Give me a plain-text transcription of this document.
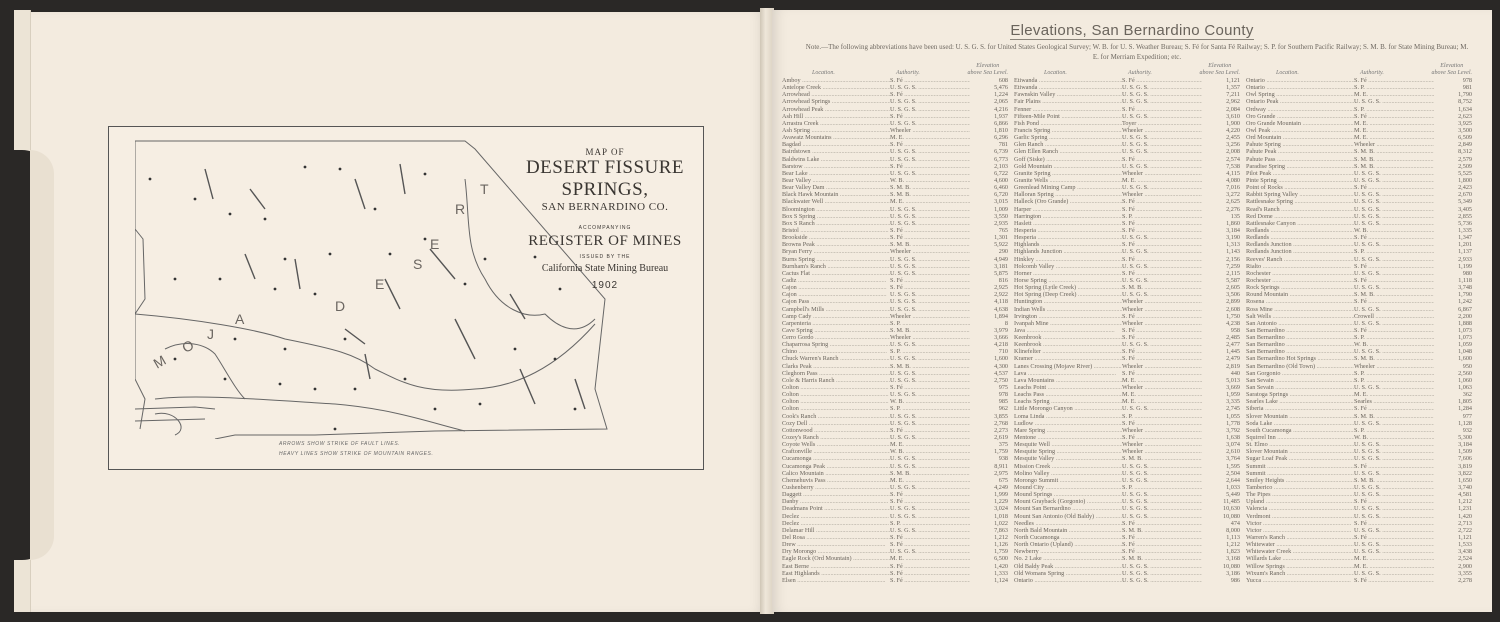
M
O
J
A
D
E
S
E
R
T
MAP OF
DESERT FISSURE SPRINGS,
SAN BERNARDINO CO.
ACCOMPANYING
REGISTER OF MINES
ISSUED BY THE
California State Mining Bureau
1902
ARROWS SHOW STRIKE OF FAULT LINES.
HEAVY LINES SHOW STRIKE OF MOUNTAIN RANGES.
Elevations, San Bernardino County
Note.—The following abbreviations have been used: U. S. G. S. for United States Geological Survey; W. B. for U. S. Weather Bureau; S. Fé for Santa Fé Railway; S. P. for Southern Pacific Railway; S. M. B. for State Mining Bureau; M. E. for Merriam Expedition; etc.
Location.	Authority.
Elevation
above Sea Level.
Amboy .....	S. Fé .....	608
Antelope Creek .....	U. S. G. S. .....	5,476
Arrowhead .....	S. Fé .....	1,224
Arrowhead Springs .....	U. S. G. S. .....	2,065
Arrowhead Peak .....	U. S. G. S. .....	4,216
Ash Hill .....	S. Fé .....	1,937
Arrastra Creek .....	U. S. G. S. .....	6,866
Ash Spring .....	Wheeler .....	1,810
Avawatz Mountains .....	M. E. .....	6,296
Bagdad .....	S. Fé .....	781
Bairdstown .....	U. S. G. S. .....	6,739
Baldwins Lake .....	U. S. G. S. .....	6,773
Barstow .....	S. Fé .....	2,103
Bear Lake .....	U. S. G. S. .....	6,722
Bear Valley .....	W. B. .....	4,600
Bear Valley Dam .....	S. M. B. .....	6,460
Black Hawk Mountain .....	S. M. B. .....	6,720
Blackwater Well .....	M. E. .....	3,015
Bloomington .....	U. S. G. S. .....	1,009
Box S Spring .....	U. S. G. S. .....	3,550
Box S Ranch .....	U. S. G. S. .....	2,935
Bristol .....	S. Fé .....	765
Brookside .....	S. Fé .....	1,301
Browns Peak .....	S. M. B. .....	5,922
Bryan Ferry .....	Wheeler .....	290
Burns Spring .....	U. S. G. S. .....	4,949
Burnham's Ranch .....	U. S. G. S. .....	3,181
Cactus Flat .....	U. S. G. S. .....	5,875
Cadiz .....	S. Fé .....	816
Cajon .....	S. Fé .....	2,925
Cajon .....	U. S. G. S. .....	2,922
Cajon Pass .....	U. S. G. S. .....	4,118
Campbell's Mills .....	U. S. G. S. .....	4,638
Camp Cady .....	Wheeler .....	1,894
Carpenteria .....	S. P. .....	8
Cave Spring .....	S. M. B. .....	3,979
Cerro Gordo .....	Wheeler .....	3,666
Chaparrosa Spring .....	U. S. G. S. .....	4,218
Chino .....	S. P. .....	710
Chuck Warren's Ranch .....	U. S. G. S. .....	1,600
Clarks Peak .....	S. M. B. .....	4,300
Cleghorn Pass .....	U. S. G. S. .....	4,537
Cole & Harris Ranch .....	U. S. G. S. .....	2,750
Colton .....	S. Fé .....	975
Colton .....	U. S. G. S. .....	978
Colton .....	W. B. .....	985
Colton .....	S. P. .....	962
Cook's Ranch .....	U. S. G. S. .....	3,855
Cozy Dell .....	U. S. G. S. .....	2,768
Cottonwood .....	S. Fé .....	2,273
Cozey's Ranch .....	U. S. G. S. .....	2,619
Coyote Wells .....	M. E. .....	375
Craftonville .....	W. B. .....	1,759
Cucamonga .....	U. S. G. S. .....	938
Cucamonga Peak .....	U. S. G. S. .....	8,911
Calico Mountain .....	S. M. B. .....	2,975
Chemehuvis Pass .....	M. E. .....	675
Cushenberry .....	U. S. G. S. .....	4,249
Daggett .....	S. Fé .....	1,999
Danby .....	S. Fé .....	1,229
Deadmans Point .....	U. S. G. S. .....	3,024
Declez .....	U. S. G. S. .....	1,018
Declez .....	S. P. .....	1,022
Delamar Hill .....	U. S. G. S. .....	7,863
Del Rosa .....	S. Fé .....	1,212
Drew .....	S. Fé .....	1,126
Dry Morongo .....	U. S. G. S. .....	1,759
Eagle Rock (Ord Mountain) .....	M. E. .....	6,500
East Berne .....	S. Fé .....	1,420
East Highlands .....	S. Fé .....	1,333
Elsen .....	S. Fé .....	1,124
Location.	Authority.
Elevation
above Sea Level.
Etiwanda .....	S. Fé .....	1,121
Etiwanda .....	U. S. G. S. .....	1,357
Fawnskin Valley .....	U. S. G. S. .....	7,211
Fair Plains .....	U. S. G. S. .....	2,962
Fenner .....	S. Fé .....	2,084
Fifteen-Mile Point .....	U. S. G. S. .....	3,610
Fish Pond .....	Toyer .....	1,900
Francis Spring .....	Wheeler .....	4,220
Garlic Spring .....	U. S. G. S. .....	2,455
Glen Ranch .....	U. S. G. S. .....	3,256
Glen Ellen Ranch .....	U. S. G. S. .....	2,008
Goff (Siske) .....	S. Fé .....	2,574
Gold Mountain .....	U. S. G. S. .....	7,538
Granite Spring .....	Wheeler .....	4,115
Granite Wells .....	M. E. .....	4,080
Greenlead Mining Camp .....	U. S. G. S. .....	7,016
Halloran Spring .....	Wheeler .....	3,272
Halleck (Oro Grande) .....	S. Fé .....	2,625
Harper .....	S. Fé .....	2,276
Harrington .....	S. P. .....	135
Haslett .....	S. Fé .....	1,860
Hesperia .....	S. Fé .....	3,184
Hesperia .....	U. S. G. S. .....	3,190
Highlands .....	S. Fé .....	1,313
Highlands Junction .....	U. S. G. S. .....	1,143
Hinkley .....	S. Fé .....	2,156
Holcomb Valley .....	U. S. G. S. .....	7,259
Horner .....	S. Fé .....	2,115
Horse Spring .....	U. S. G. S. .....	5,587
Hot Spring (Lytle Creek) .....	S. M. B. .....	2,605
Hot Spring (Deep Creek) .....	U. S. G. S. .....	3,506
Huntington .....	Wheeler .....	2,899
Indian Wells .....	Wheeler .....	2,608
Irvington .....	S. Fé .....	1,750
Ivanpah Mine .....	Wheeler .....	4,238
Java .....	S. Fé .....	958
Keenbrook .....	S. Fé .....	2,485
Keenbrook .....	U. S. G. S. .....	2,477
Klinefelter .....	S. Fé .....	1,445
Kramer .....	S. Fé .....	2,479
Lanes Crossing (Mojave River) .....	Wheeler .....	2,819
Lava .....	S. Fé .....	440
Lava Mountains .....	M. E. .....	5,013
Leachs Point .....	Wheeler .....	3,669
Leachs Pass .....	M. E. .....	1,959
Leachs Spring .....	M. E. .....	3,335
Little Morongo Canyon .....	U. S. G. S. .....	2,745
Loma Linda .....	S. P. .....	1,055
Ludlow .....	S. Fé .....	1,778
Mare Spring .....	Wheeler .....	3,792
Mentone .....	S. Fé .....	1,638
Mesquite Well .....	Wheeler .....	3,074
Mesquite Spring .....	Wheeler .....	2,610
Mesquite Valley .....	S. M. B. .....	3,764
Mission Creek .....	U. S. G. S. .....	1,595
Molino Valley .....	U. S. G. S. .....	2,504
Morongo Summit .....	U. S. G. S. .....	2,644
Mound City .....	S. P. .....	1,033
Mound Springs .....	U. S. G. S. .....	5,449
Mount Grayback (Gorgonio) .....	U. S. G. S. .....	11,485
Mount San Bernardino .....	U. S. G. S. .....	10,630
Mount San Antonio (Old Baldy) .....	U. S. G. S. .....	10,080
Needles .....	S. Fé .....	474
North Bald Mountain .....	S. M. B. .....	8,000
North Cucamonga .....	S. Fé .....	1,113
North Ontario (Upland) .....	S. Fé .....	1,212
Newberry .....	S. Fé .....	1,823
No. 2 Lake .....	S. M. B. .....	3,168
Old Baldy Peak .....	U. S. G. S. .....	10,080
Old Womans Spring .....	U. S. G. S. .....	3,186
Ontario .....	U. S. G. S. .....	986
Location.	Authority.
Elevation
above Sea Level.
Ontario .....	S. Fé .....	978
Ontario .....	S. P. .....	981
Owl Spring .....	M. E. .....	1,790
Ontario Peak .....	U. S. G. S. .....	8,752
Ordway .....	S. P. .....	1,634
Oro Grande .....	S. Fé .....	2,623
Oro Grande Mountain .....	M. E. .....	3,925
Owl Peak .....	M. E. .....	3,500
Ord Mountain .....	M. E. .....	6,509
Pahute Spring .....	Wheeler .....	2,849
Pahute Peak .....	S. M. B. .....	8,312
Pahute Pass .....	S. M. B. .....	2,579
Paradise Spring .....	S. M. B. .....	2,509
Pilot Peak .....	U. S. G. S. .....	5,525
Pinte Spring .....	U. S. G. S. .....	1,800
Point of Rocks .....	S. Fé .....	2,423
Rabbit Spring Valley .....	U. S. G. S. .....	2,670
Rattlesnake Spring .....	U. S. G. S. .....	5,349
Read's Ranch .....	U. S. G. S. .....	3,405
Red Dome .....	U. S. G. S. .....	2,855
Rattlesnake Canyon .....	U. S. G. S. .....	5,736
Redlands .....	W. B. .....	1,335
Redlands .....	S. Fé .....	1,347
Redlands Junction .....	U. S. G. S. .....	1,201
Redlands Junction .....	S. P. .....	1,137
Reeves' Ranch .....	U. S. G. S. .....	2,933
Rialto .....	S. Fé .....	1,199
Rochester .....	U. S. G. S. .....	980
Rochester .....	S. Fé .....	1,118
Rock Springs .....	U. S. G. S. .....	3,748
Round Mountain .....	S. M. B. .....	1,790
Rosena .....	S. Fé .....	1,242
Ross Mine .....	U. S. G. S. .....	6,867
Salt Wells .....	Crowell .....	2,200
San Antonio .....	U. S. G. S. .....	1,888
San Bernardino .....	S. Fé .....	1,073
San Bernardino .....	S. P. .....	1,073
San Bernardino .....	W. B. .....	1,059
San Bernardino .....	U. S. G. S. .....	1,048
San Bernardino Hot Springs .....	S. M. B. .....	1,600
San Bernardino (Old Town) .....	Wheeler .....	950
San Gorgonio .....	S. P. .....	2,560
San Sevain .....	S. P. .....	1,060
San Sevain .....	U. S. G. S. .....	1,063
Saratoga Springs .....	M. E. .....	362
Searles Lake .....	Searles .....	1,805
Siberia .....	S. Fé .....	1,284
Slover Mountain .....	S. M. B. .....	977
Soda Lake .....	U. S. G. S. .....	1,128
South Cucamonga .....	S. P. .....	932
Squirrel Inn .....	W. B. .....	5,300
St. Elmo .....	U. S. G. S. .....	3,184
Slover Mountain .....	U. S. G. S. .....	1,509
Sugar Loaf Peak .....	U. S. G. S. .....	7,606
Summit .....	S. Fé .....	3,819
Summit .....	U. S. G. S. .....	3,822
Smiley Heights .....	S. M. B. .....	1,650
Tamberico .....	U. S. G. S. .....	3,740
The Pipes .....	U. S. G. S. .....	4,581
Upland .....	S. Fé .....	1,212
Valencia .....	U. S. G. S. .....	1,231
Verdmont .....	U. S. G. S. .....	1,420
Victor .....	S. Fé .....	2,713
Victor .....	U. S. G. S. .....	2,722
Warren's Ranch .....	S. Fé .....	1,121
Whitewater .....	U. S. G. S. .....	1,533
Whitewater Creek .....	U. S. G. S. .....	3,438
Willards Lake .....	M. E. .....	2,524
Willow Springs .....	M. E. .....	2,900
Wixum's Ranch .....	U. S. G. S. .....	3,355
Yucca .....	S. Fé .....	2,278
